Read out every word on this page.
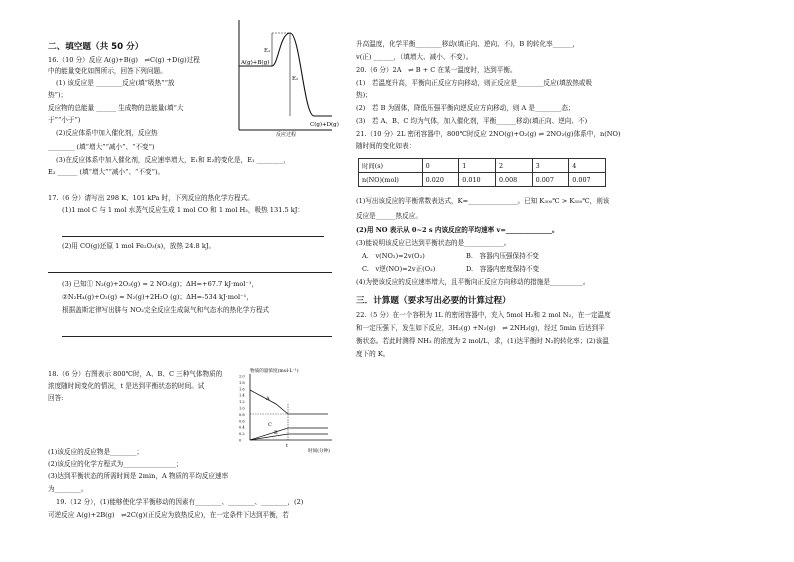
二、填空题（共 50 分）
16.（10 分）反应 A(g)+B(g)　⇌C(g) +D(g)过程
中的能量变化如图所示，回答下列问题。
(1) 该反应是 ________反应(填“吸热”“放
热”)；
反应物的总能量 ______ 生成物的总能量(填“大
于”“小于”)
(2)反应体系中加入催化剂，反应热
________ (填“增大”“减小”、“不变”)
(3)在反应体系中加入催化剂，反应速率增大，E₁和 E₂的变化是，E₁ ________，
E₂ ______ (填“增大”“减小”、“不变”)。
A(g)+B(g)
E₁
E₂
C(g)+D(g)
反应过程
17.（6 分）请写出 298 K、101 kPa 时，下列反应的热化学方程式。
(1)1 mol C 与 1 mol 水蒸气反应生成 1 mol CO 和 1 mol H₂，吸热 131.5 kJ：
(2)用 CO(g)还原 1 mol Fe₂O₃(s)，放热 24.8 kJ。
(3) 已知① N₂(g)+2O₂(g) = 2 NO₂(g)；ΔH=+67.7 kJ·mol⁻¹，
②N₂H₄(g)+O₂(g) = N₂(g)+2H₂O (g)；ΔH=-534 kJ·mol⁻¹，
根据盖斯定律写出肼与 NO₂完全反应生成氮气和气态水的热化学方程式
18.（6 分）右图表示 800℃时，A、B、C 三种气体物质的
浓度随时间变化的情况，t 是达到平衡状态的时间。试
回答:
物质的量浓度(mol·L⁻¹)
2.0
1.8
1.6
1.4
1.2
1.0
0.8
0.6
0.4
0.2
0
A
C
B
t
时间(分钟)
(1)该反应的反应物是________；
(2)该反应的化学方程式为________________；
(3)达到平衡状态的所需时间是 2min，A 物质的平均反应速率
为________。
19.（12 分），(1)能够使化学平衡移动的因素有________、________、________，(2)
可逆反应 A(g)+2B(g)　⇌2C(g)(正反应为放热反应)，在一定条件下达到平衡，若
升高温度，化学平衡________移动(填正向、逆向、不)，B 的转化率______，
v(正) ______，（填增大、减小、不变）。
20.（6 分）2A　⇌ B + C 在某一温度时，达到平衡。
(1)　若温度升高，平衡向正反应方向移动，则正反应是________反应(填放热或吸
热)；
(2)　若 B 为固体，降低压强平衡向逆反应方向移动，则 A 是________态；
(3)　若 A、B、C 均为气体，加入催化剂，平衡______移动(填正向、逆向、不)
21.（10 分）2L 密闭容器中，800℃时反应 2NO(g)+O₂(g) ⇌ 2NO₂(g)体系中，n(NO)
随时间的变化如表：
时间(s)	0	1	2	3	4
n(NO)(mol)	0.020	0.010	0.008	0.007	0.007
(1)写出该反应的平衡常数表达式，K=_______________。已知 K₃₀₀℃ > K₃₅₀℃，则该
反应是______热反应。
(2)用 NO 表示从 0~2 s 内该反应的平均速率 v=______________。
(3)能说明该反应已达到平衡状态的是____________。
A.　v(NO₂)=2v(O₂)	B.　容器内压强保持不变
C.　v逆(NO)=2v正(O₂)	D.　容器内密度保持不变
(4)为使该反应的反应速率增大，且平衡向正反应方向移动的措施是__________。
三．计算题（要求写出必要的计算过程）
22.（5 分）在一个容积为 1L 的密闭容器中，充入 5mol H₂和 2 mol N₂，在一定温度
和一定压强下，发生如下反应，3H₂(g) +N₂(g)　⇌ 2NH₃(g)，经过 5min 后达到平
衡状态。若此时测得 NH₃ 的浓度为 2 mol/L，求，(1)达平衡时 N₂的转化率；(2)该温
度下的 K。
